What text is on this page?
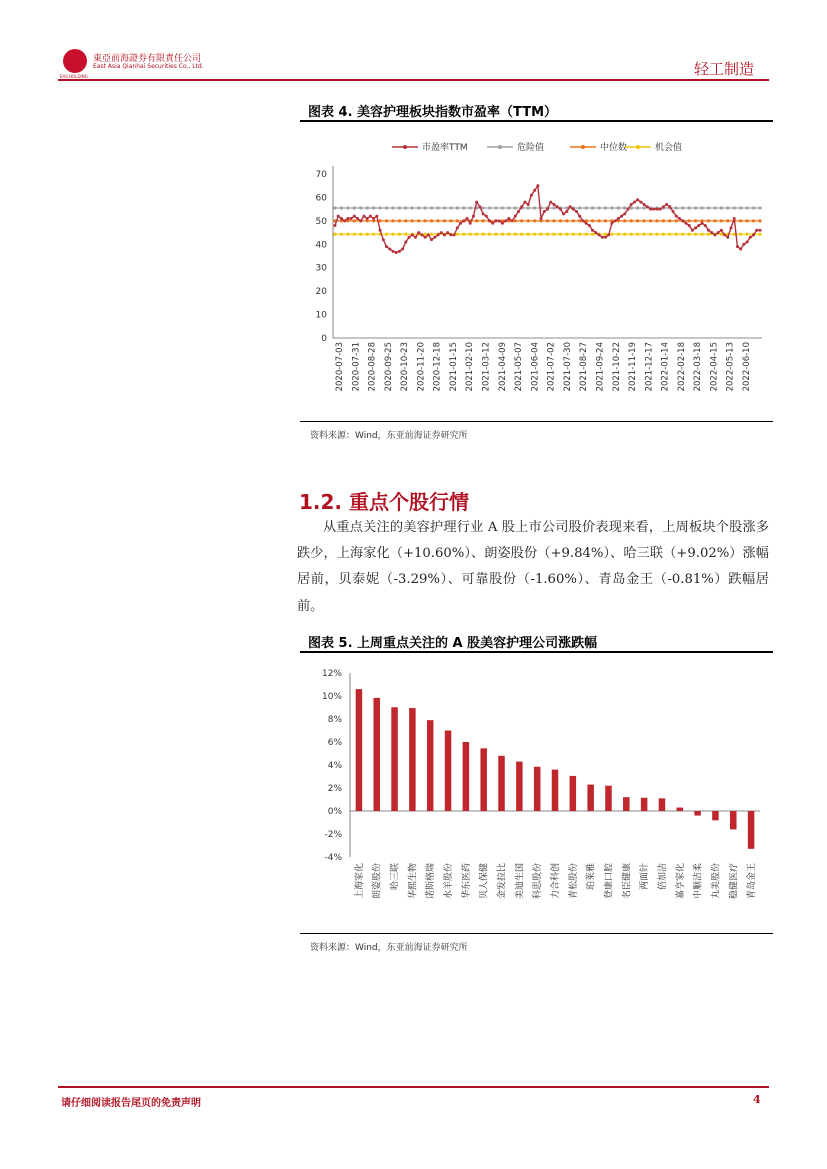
東亞前海證券有限責任公司
East Asia Qianhai Securities Co., Ltd.
EAS HOLDING	轻工制造
图表 4. 美容护理板块指数市盈率（TTM）
市盈率TTM	危险值	中位数	机会值
0
10
20
30
40
50
60
70
2020-07-03 2020-07-31 2020-08-28 2020-09-25 2020-10-23 2020-11-20 2020-12-18 2021-01-15 2021-02-10 2021-03-12 2021-04-09 2021-05-07 2021-06-04 2021-07-02 2021-07-30 2021-08-27 2021-09-24 2021-10-22 2021-11-19 2021-12-17 2022-01-14 2022-02-18 2022-03-18 2022-04-15 2022-05-13 2022-06-10
资料来源：Wind，东亚前海证券研究所
1.2. 重点个股行情
从重点关注的美容护理行业 A 股上市公司股价表现来看，上周板块个股涨多跌少，上海家化（+10.60%）、朗姿股份（+9.84%）、哈三联（+9.02%）涨幅居前，贝泰妮（-3.29%）、可靠股份（-1.60%）、青岛金王（-0.81%）跌幅居前。
图表 5. 上周重点关注的 A 股美容护理公司涨跌幅
-4%
-2%
0%
2%
4%
6%
8%
10%
12%
上海家化 朗姿股份 哈三联 华熙生物 诺斯格瑞 水羊股份 华东医药 贝人保健 金发拉比 美迪生国 科思股份 力合科创 青松股份 珀莱雅 登康口腔 名臣健康 两面针 倍加洁 嘉亨家化 中顺洁柔 丸美股份 稳健医疗 青岛金王
资料来源：Wind，东亚前海证券研究所
请仔细阅读报告尾页的免责声明	4
